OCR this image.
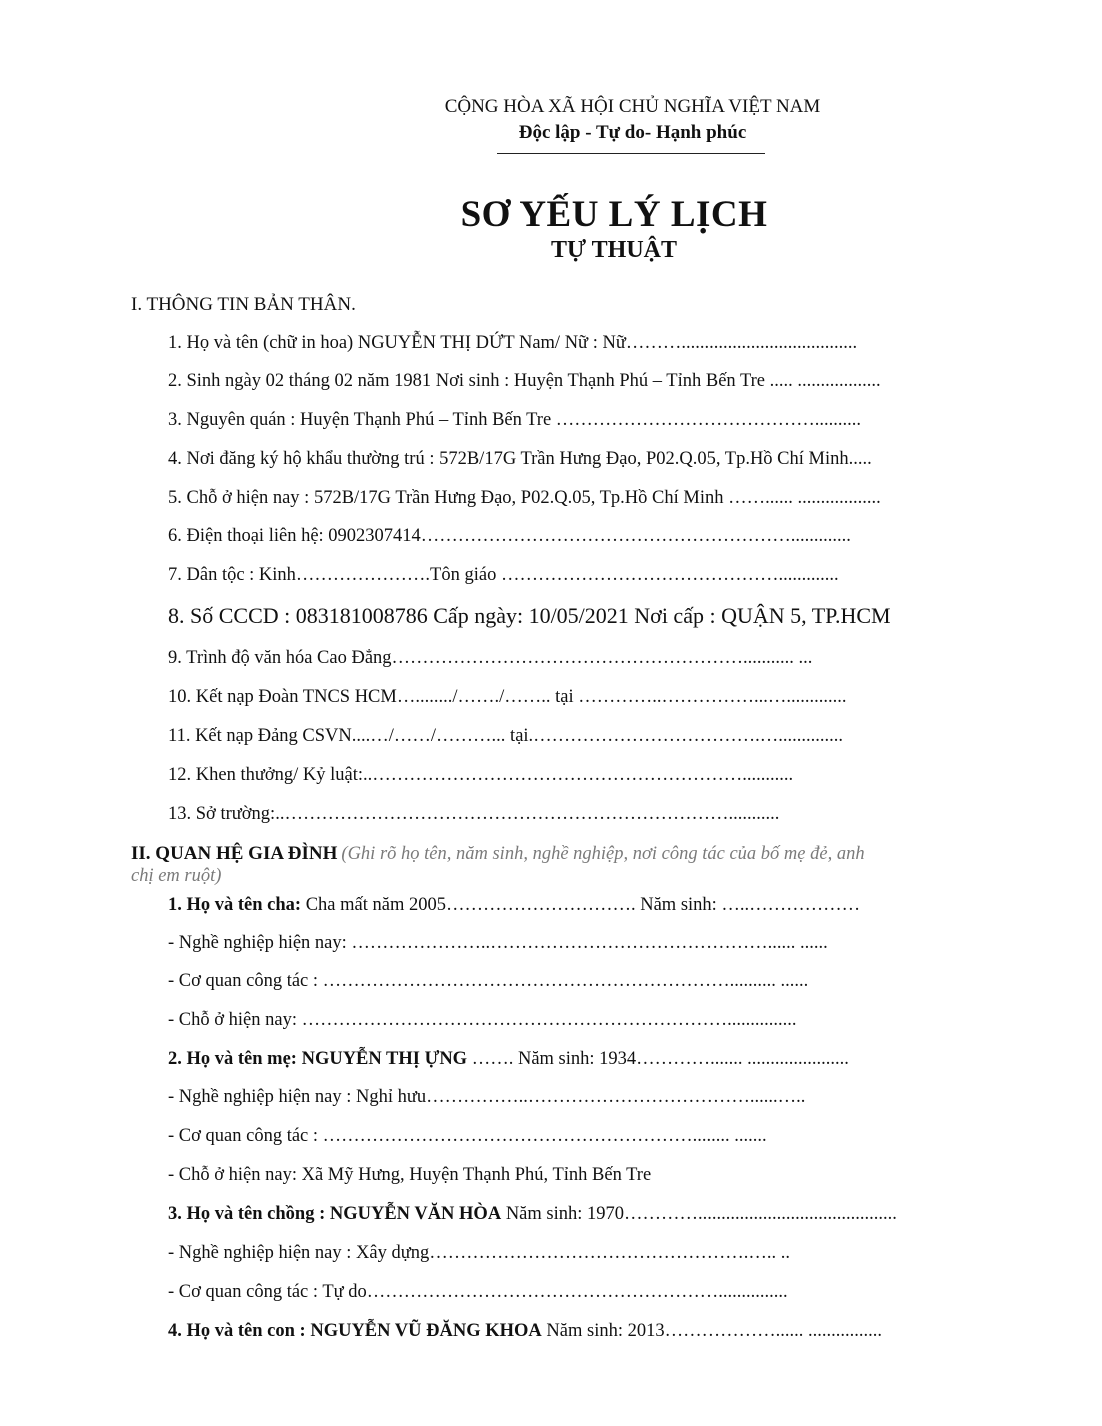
CỘNG HÒA XÃ HỘI CHỦ NGHĨA VIỆT NAM
Độc lập - Tự do- Hạnh phúc
SƠ YẾU LÝ LỊCH
TỰ THUẬT
I. THÔNG TIN BẢN THÂN.
1. Họ và tên (chữ in hoa) NGUYỄN THỊ DỨT Nam/ Nữ : Nữ………......................................
2. Sinh ngày 02 tháng 02 năm 1981 Nơi sinh : Huyện Thạnh Phú – Tỉnh Bến Tre ..... ..................
3. Nguyên quán : Huyện Thạnh Phú – Tỉnh Bến Tre ……………………………………..........
4. Nơi đăng ký hộ khẩu thường trú : 572B/17G Trần Hưng Đạo, P02.Q.05, Tp.Hồ Chí Minh.....
5. Chỗ ở hiện nay : 572B/17G Trần Hưng Đạo, P02.Q.05, Tp.Hồ Chí Minh ……...... ..................
6. Điện thoại liên hệ: 0902307414…………………………………………………….............
7. Dân tộc : Kinh………………….Tôn giáo ……………………………………….............
8. Số CCCD : 083181008786 Cấp ngày: 10/05/2021 Nơi cấp : QUẬN 5, TP.HCM
9. Trình độ văn hóa Cao Đẳng…………………………………………………........... ...
10. Kết nạp Đoàn TNCS HCM…......../……./…….. tại …………..……………...….............
11. Kết nạp Đảng CSVN....…/……/………... tại.……………………………….…..............
12. Khen thưởng/ Kỷ luật:..……………………………………………………...........
13. Sở trường:..………………………………………………………………...........
II. QUAN HỆ GIA ĐÌNH (Ghi rõ họ tên, năm sinh, nghề nghiệp, nơi công tác của bố mẹ đẻ, anh
chị em ruột)
1. Họ và tên cha: Cha mất năm 2005…………………………. Năm sinh: …..………………
- Nghề nghiệp hiện nay: …………………..………………………………………...... ......
- Cơ quan công tác : ………………………………………………………….......... ......
- Chỗ ở hiện nay: ……………………………………………………………...............
2. Họ và tên mẹ: NGUYỄN THỊ ỰNG ……. Năm sinh: 1934…………....... ......................
- Nghề nghiệp hiện nay : Nghỉ hưu……………..………………………………......…..
- Cơ quan công tác : ……………………………………………………........ .......
- Chỗ ở hiện nay: Xã Mỹ Hưng, Huyện Thạnh Phú, Tỉnh Bến Tre
3. Họ và tên chồng : NGUYỄN VĂN HÒA Năm sinh: 1970…………...........................................
- Nghề nghiệp hiện nay : Xây dựng…………………………………………….….. ..
- Cơ quan công tác : Tự do…………………………………………………...............
4. Họ và tên con : NGUYỄN VŨ ĐĂNG KHOA Năm sinh: 2013………………...... ................
